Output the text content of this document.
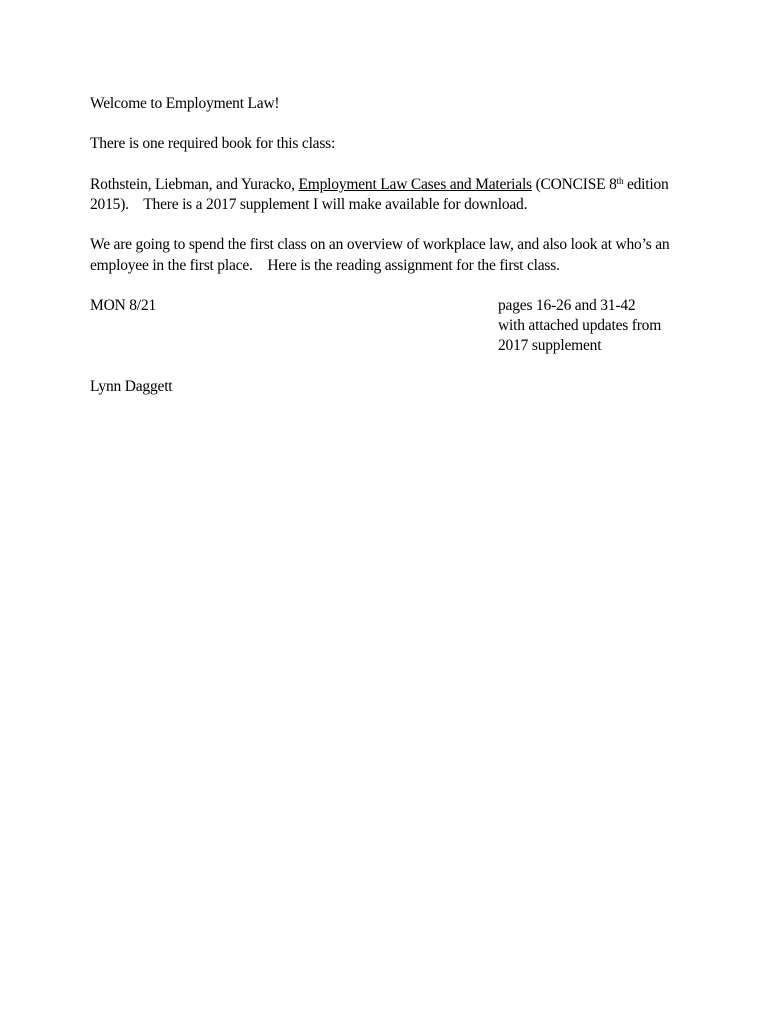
Welcome to Employment Law!
There is one required book for this class:
Rothstein, Liebman, and Yuracko, Employment Law Cases and Materials (CONCISE 8th edition
2015).    There is a 2017 supplement I will make available for download.
We are going to spend the first class on an overview of workplace law, and also look at who’s an
employee in the first place.    Here is the reading assignment for the first class.
MON 8/21	pages 16-26 and 31-42
with attached updates from
2017 supplement
Lynn Daggett
